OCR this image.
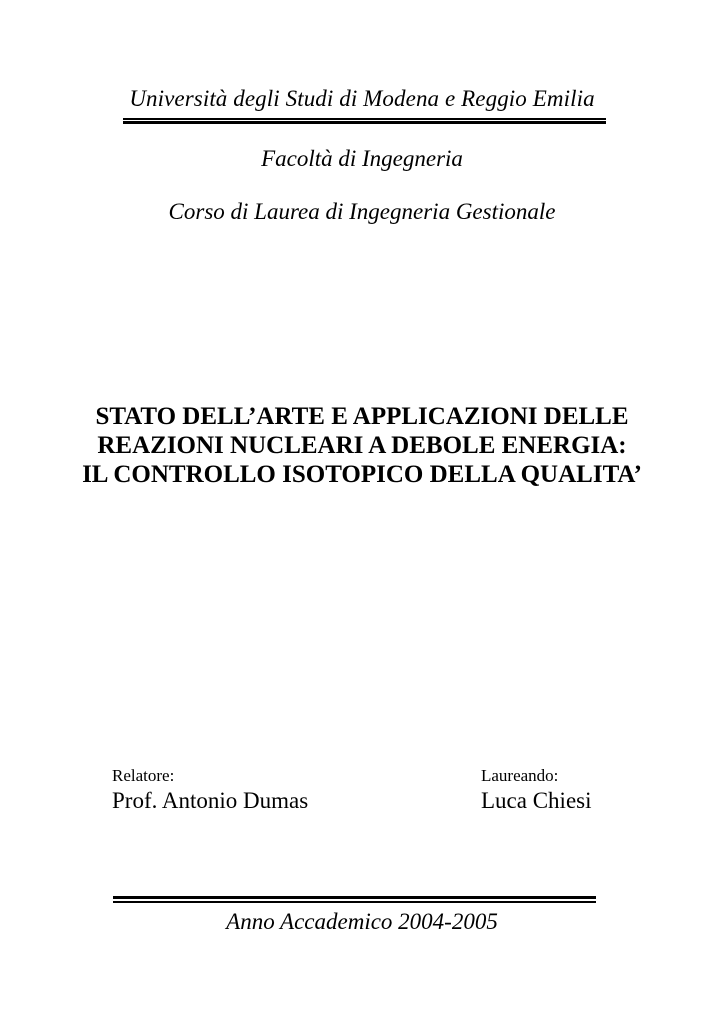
Università degli Studi di Modena e Reggio Emilia
Facoltà di Ingegneria
Corso di Laurea di Ingegneria Gestionale
STATO DELL’ARTE E APPLICAZIONI DELLE
REAZIONI NUCLEARI A DEBOLE ENERGIA:
IL CONTROLLO ISOTOPICO DELLA QUALITA’
Relatore:
Prof. Antonio Dumas
Laureando:
Luca Chiesi
Anno Accademico 2004-2005
